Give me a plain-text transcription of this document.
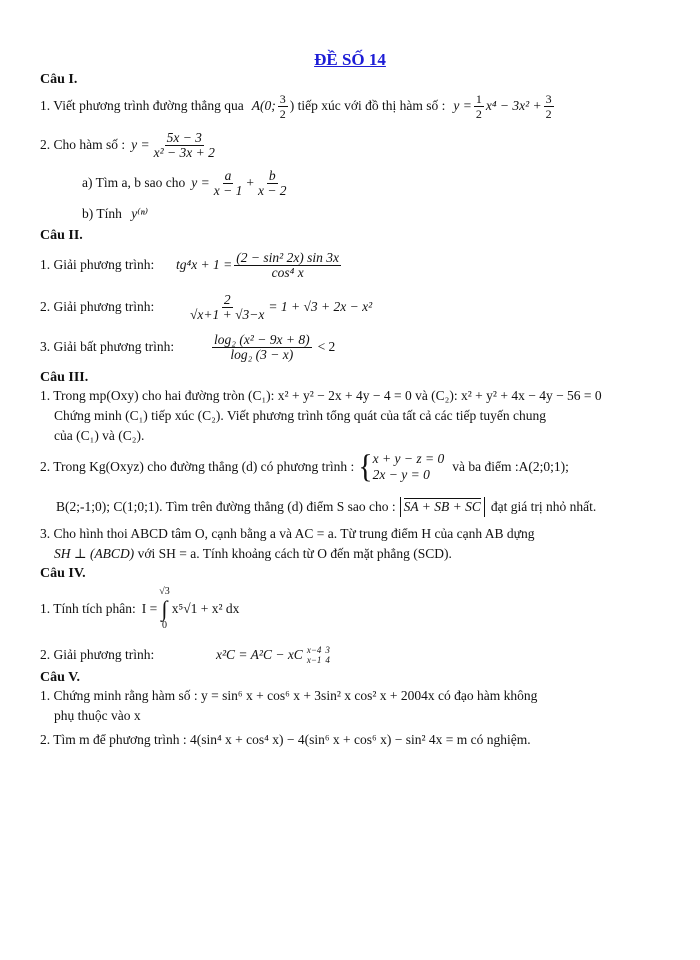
ĐỀ SỐ 14
Câu I.
1. Viết phương trình đường thẳng qua A(0; $\frac{3}{2}$ ) tiếp xúc với đồ thị hàm số : $y = \frac{1}{2} x^4 - 3x^2 + \frac{3}{2}$
2. Cho hàm số : $y = \frac{5x - 3}{\text{x² − 3x + 2}}$
a) Tìm a, b sao cho $y = \frac{a}{x - 1} + \frac{b}{x - 2}$
b) Tính y⁽ⁿ⁾
Câu II.
1. Giải phương trình:	$tg^4x + 1 = \frac{\text{(2 − sin² 2x) sin 3x}}{\text{cos⁴ x}}$
2. Giải phương trình:	$\frac{2}{√x+1 + √3-x} = 1 + √3 + 2x - x^2$
3. Giải bất phương trình:	$\frac{\text{log₂ (x² − 9x + 8)}}{\text{log₂ (3 − x)}} < 2$
Câu III.
1. Trong mp(Oxy) cho hai đường tròn (C₁): x² + y² − 2x + 4y − 4 = 0 và (C₂): x² + y² + 4x − 4y − 56 = 0
Chứng minh (C₁) tiếp xúc (C₂). Viết phương trình tổng quát của tất cả các tiếp tuyến chung
của (C₁) và (C₂).
2. Trong Kg(Oxyz) cho đường thẳng (d) có phương trình : { x + y − z = 0
2x − y = 0
và ba điểm :A(2;0;1);
B(2;-1;0); C(1;0;1). Tìm trên đường thẳng (d) điểm S sao cho : SA + SB + SC đạt giá trị nhỏ nhất.
3. Cho hình thoi ABCD tâm O, cạnh bằng a và AC = a. Từ trung điểm H của cạnh AB dựng
SH ⊥ (ABCD) với SH = a. Tính khoảng cách từ O đến mặt phẳng (SCD).
Câu IV.
1. Tính tích phân: I =
√3
∫
0
x⁵√1 + x² dx
2. Giải phương trình:	x²C = A²C − xC x−4
x−1
3
4
Câu V.
1. Chứng minh rằng hàm số : y = sin⁶ x + cos⁶ x + 3sin² x cos² x + 2004x có đạo hàm không
phụ thuộc vào x
2. Tìm m để phương trình : 4(sin⁴ x + cos⁴ x) − 4(sin⁶ x + cos⁶ x) − sin² 4x = m có nghiệm.
